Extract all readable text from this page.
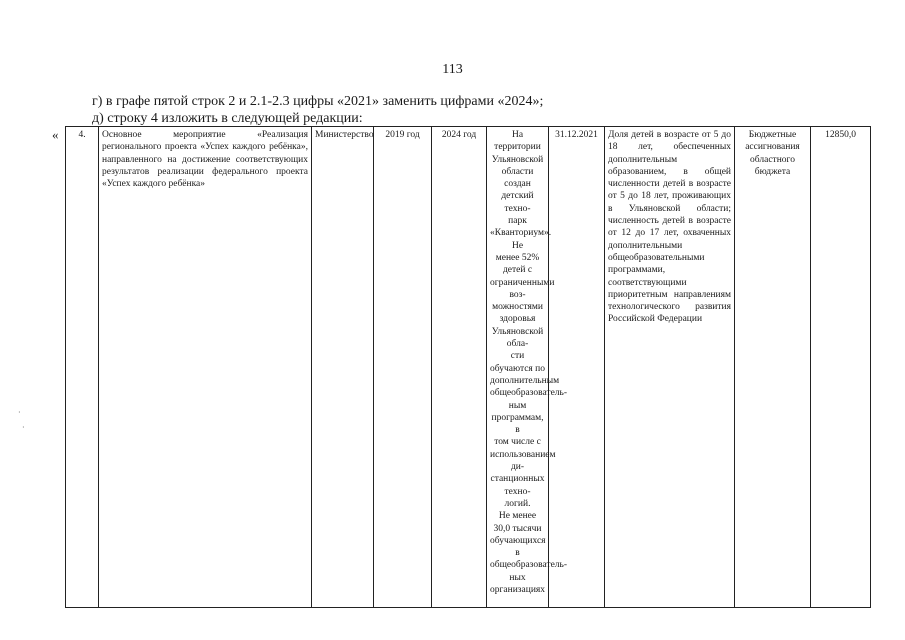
113
г) в графе пятой строк 2 и 2.1-2.3 цифры «2021» заменить цифрами «2024»;
д) строку 4 изложить в следующей редакции:
« 4.	Основное мероприятие «Реализация регионального проекта «Успех каждого ребёнка», направленного на достижение соответствующих результатов реализации федерального проекта «Успех каждого ребёнка»	Министерство	2019 год	2024 год	На территории Ульяновской
области
создан детский техно-
парк
«Кванториум». Не
менее 52%
детей с
ограниченными воз-
можностями здоровья
Ульяновской обла-
сти обучаются по
дополнительным
общеобразователь-
ным программам, в
том числе с
использованием ди-
станционных техно-
логий.
Не менее
30,0 тысячи
обучающихся в
общеобразователь-
ных организациях
	31.12.2021	Доля детей в возрасте от 5 до 18 лет, обеспеченных дополнительным образованием, в общей численности детей в возрасте от 5 до 18 лет, проживающих в Ульяновской области; численность детей в возрасте от 12 до 17 лет, охваченных дополнительными общеобразовательными программами, соответствующими приоритетным направлениям технологического развития Российской Федерации	Бюджетные ассигнования областного бюджета	12850,0
·
·
